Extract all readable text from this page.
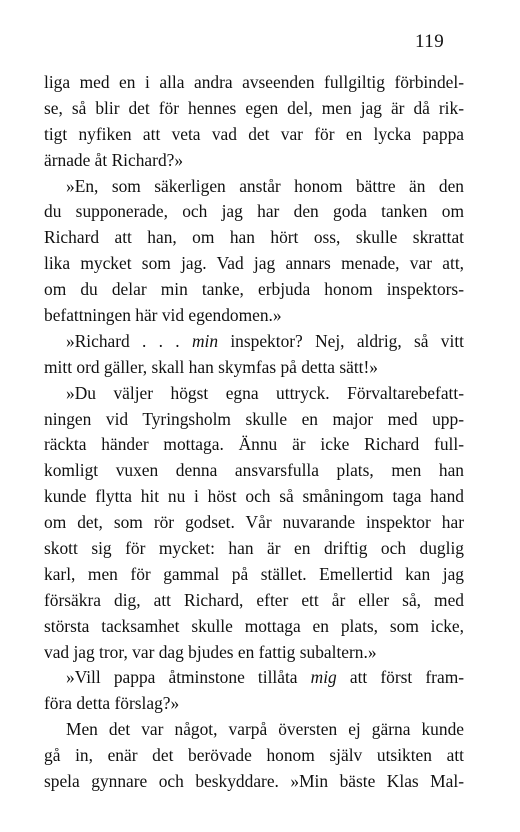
119
liga med en i alla andra avseenden fullgiltig förbindel-
se, så blir det för hennes egen del, men jag är då rik-
tigt nyfiken att veta vad det var för en lycka pappa
ärnade åt Richard?»
»En, som säkerligen anstår honom bättre än den
du supponerade, och jag har den goda tanken om
Richard att han, om han hört oss, skulle skrattat
lika mycket som jag. Vad jag annars menade, var att,
om du delar min tanke, erbjuda honom inspektors-
befattningen här vid egendomen.»
»Richard . . . min inspektor? Nej, aldrig, så vitt
mitt ord gäller, skall han skymfas på detta sätt!»
»Du väljer högst egna uttryck. Förvaltarebefatt-
ningen vid Tyringsholm skulle en major med upp-
räckta händer mottaga. Ännu är icke Richard full-
komligt vuxen denna ansvarsfulla plats, men han
kunde flytta hit nu i höst och så småningom taga hand
om det, som rör godset. Vår nuvarande inspektor har
skott sig för mycket: han är en driftig och duglig
karl, men för gammal på stället. Emellertid kan jag
försäkra dig, att Richard, efter ett år eller så, med
största tacksamhet skulle mottaga en plats, som icke,
vad jag tror, var dag bjudes en fattig subaltern.»
»Vill pappa åtminstone tillåta mig att först fram-
föra detta förslag?»
Men det var något, varpå översten ej gärna kunde
gå in, enär det berövade honom själv utsikten att
spela gynnare och beskyddare. »Min bäste Klas Mal-
